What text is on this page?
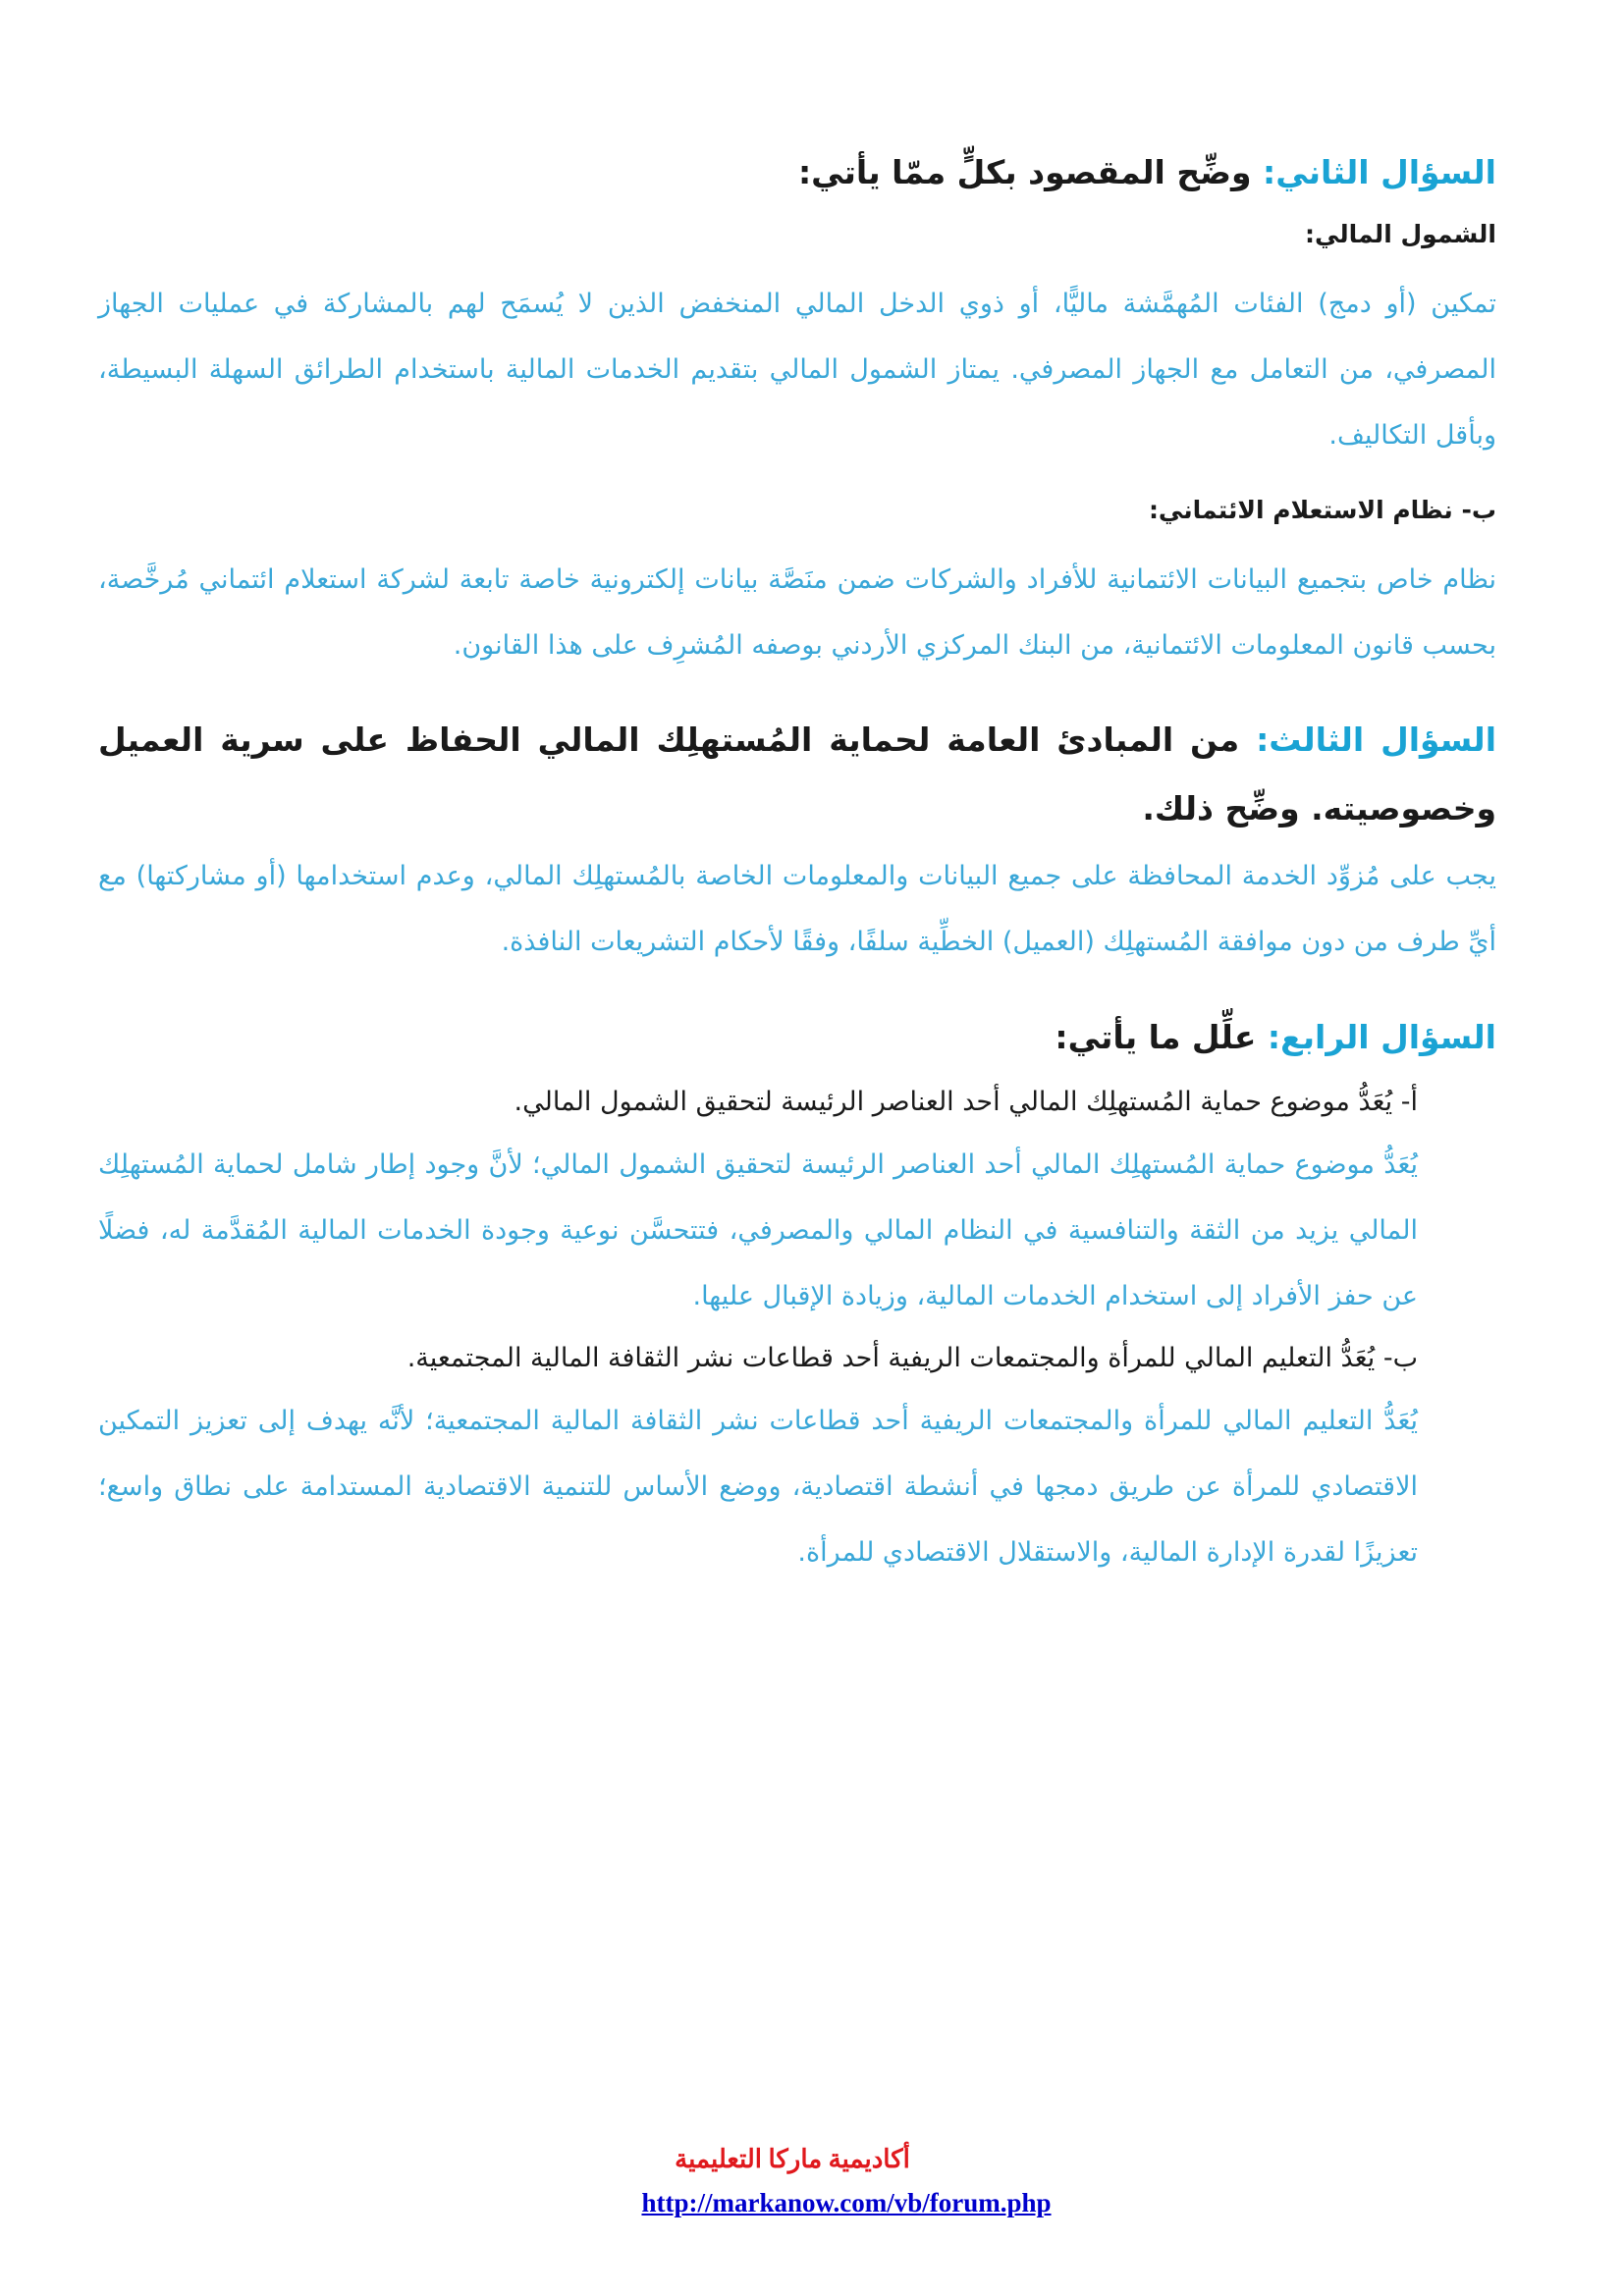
السؤال الثاني: وضِّح المقصود بكلٍّ ممّا يأتي:

الشمول المالي:

تمكين (أو دمج) الفئات المُهمَّشة ماليًّا، أو ذوي الدخل المالي المنخفض الذين لا يُسمَح لهم بالمشاركة في عمليات الجهاز المصرفي، من التعامل مع الجهاز المصرفي. يمتاز الشمول المالي بتقديم الخدمات المالية باستخدام الطرائق السهلة البسيطة، وبأقل التكاليف.

ب- نظام الاستعلام الائتماني:

نظام خاص بتجميع البيانات الائتمانية للأفراد والشركات ضمن منَصَّة بيانات إلكترونية خاصة تابعة لشركة استعلام ائتماني مُرخَّصة، بحسب قانون المعلومات الائتمانية، من البنك المركزي الأردني بوصفه المُشرِف على هذا القانون.

السؤال الثالث: من المبادئ العامة لحماية المُستهلِك المالي الحفاظ على سرية العميل وخصوصيته. وضِّح ذلك.

يجب على مُزوِّد الخدمة المحافظة على جميع البيانات والمعلومات الخاصة بالمُستهلِك المالي، وعدم استخدامها (أو مشاركتها) مع أيِّ طرف من دون موافقة المُستهلِك (العميل) الخطِّية سلفًا، وفقًا لأحكام التشريعات النافذة.

السؤال الرابع: علِّل ما يأتي:

أ- يُعَدُّ موضوع حماية المُستهلِك المالي أحد العناصر الرئيسة لتحقيق الشمول المالي.

يُعَدُّ موضوع حماية المُستهلِك المالي أحد العناصر الرئيسة لتحقيق الشمول المالي؛ لأنَّ وجود إطار شامل لحماية المُستهلِك المالي يزيد من الثقة والتنافسية في النظام المالي والمصرفي، فتتحسَّن نوعية وجودة الخدمات المالية المُقدَّمة له، فضلًا عن حفز الأفراد إلى استخدام الخدمات المالية، وزيادة الإقبال عليها.

ب- يُعَدُّ التعليم المالي للمرأة والمجتمعات الريفية أحد قطاعات نشر الثقافة المالية المجتمعية.

يُعَدُّ التعليم المالي للمرأة والمجتمعات الريفية أحد قطاعات نشر الثقافة المالية المجتمعية؛ لأنَّه يهدف إلى تعزيز التمكين الاقتصادي للمرأة عن طريق دمجها في أنشطة اقتصادية، ووضع الأساس للتنمية الاقتصادية المستدامة على نطاق واسع؛ تعزيزًا لقدرة الإدارة المالية، والاستقلال الاقتصادي للمرأة.

أكاديمية ماركا التعليمية
http://markanow.com/vb/forum.php
